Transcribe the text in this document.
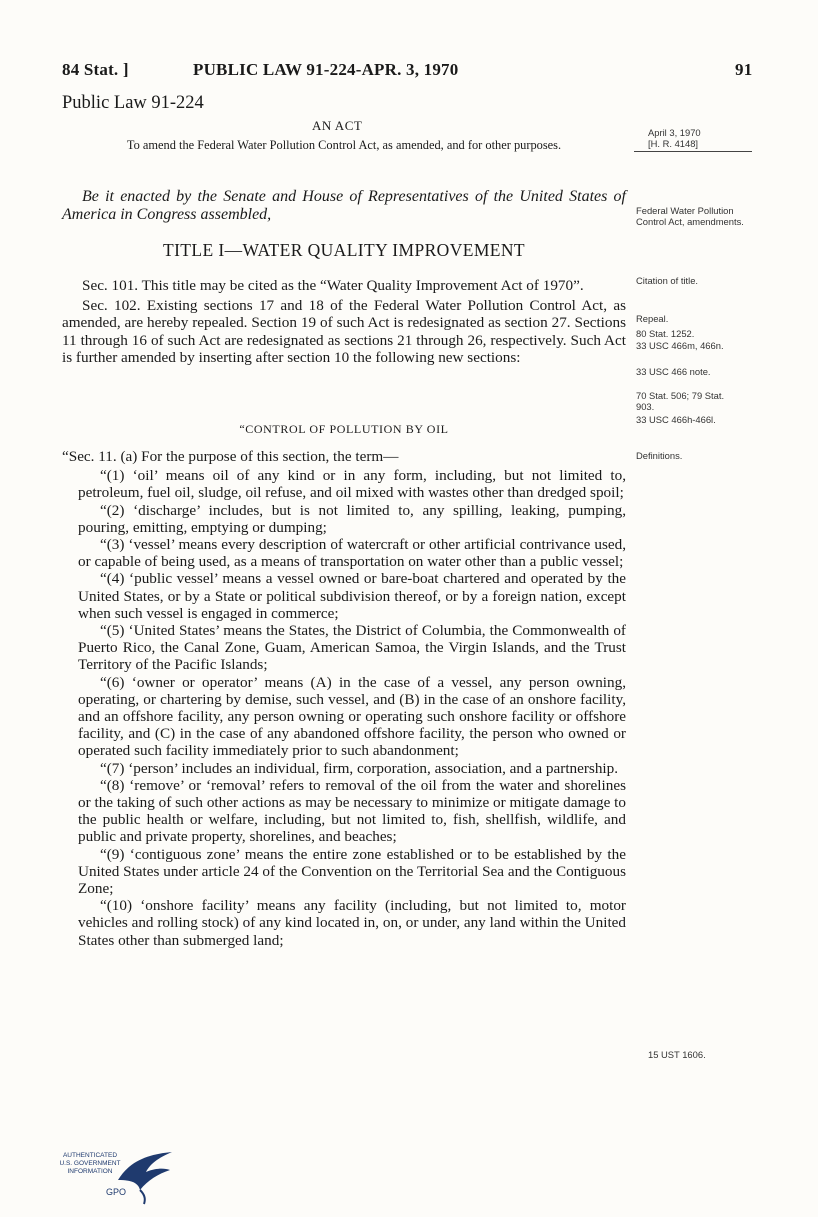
84 Stat. ]	PUBLIC LAW 91-224-APR. 3, 1970	91
Public Law 91-224
AN ACT
To amend the Federal Water Pollution Control Act, as amended, and for other purposes.
April 3, 1970
[H. R. 4148]
Federal Water Pollution Control Act, amendments.
Citation of title.
Repeal.
80 Stat. 1252.
33 USC 466m, 466n.
33 USC 466 note.
70 Stat. 506; 79 Stat. 903.
33 USC 466h-466l.
Definitions.
15 UST 1606.
Be it enacted by the Senate and House of Representatives of the United States of America in Congress assembled,
TITLE I—WATER QUALITY IMPROVEMENT

Sec. 101. This title may be cited as the “Water Quality Improvement Act of 1970”.

Sec. 102. Existing sections 17 and 18 of the Federal Water Pollution Control Act, as amended, are hereby repealed. Section 19 of such Act is redesignated as section 27. Sections 11 through 16 of such Act are redesignated as sections 21 through 26, respectively. Such Act is further amended by inserting after section 10 the following new sections:

“CONTROL OF POLLUTION BY OIL

“Sec. 11. (a) For the purpose of this section, the term—

“(1) ‘oil’ means oil of any kind or in any form, including, but not limited to, petroleum, fuel oil, sludge, oil refuse, and oil mixed with wastes other than dredged spoil;

“(2) ‘discharge’ includes, but is not limited to, any spilling, leaking, pumping, pouring, emitting, emptying or dumping;

“(3) ‘vessel’ means every description of watercraft or other artificial contrivance used, or capable of being used, as a means of transportation on water other than a public vessel;

“(4) ‘public vessel’ means a vessel owned or bare-boat chartered and operated by the United States, or by a State or political subdivision thereof, or by a foreign nation, except when such vessel is engaged in commerce;

“(5) ‘United States’ means the States, the District of Columbia, the Commonwealth of Puerto Rico, the Canal Zone, Guam, American Samoa, the Virgin Islands, and the Trust Territory of the Pacific Islands;

“(6) ‘owner or operator’ means (A) in the case of a vessel, any person owning, operating, or chartering by demise, such vessel, and (B) in the case of an onshore facility, and an offshore facility, any person owning or operating such onshore facility or offshore facility, and (C) in the case of any abandoned offshore facility, the person who owned or operated such facility immediately prior to such abandonment;

“(7) ‘person’ includes an individual, firm, corporation, association, and a partnership.

“(8) ‘remove’ or ‘removal’ refers to removal of the oil from the water and shorelines or the taking of such other actions as may be necessary to minimize or mitigate damage to the public health or welfare, including, but not limited to, fish, shellfish, wildlife, and public and private property, shorelines, and beaches;

“(9) ‘contiguous zone’ means the entire zone established or to be established by the United States under article 24 of the Convention on the Territorial Sea and the Contiguous Zone;

“(10) ‘onshore facility’ means any facility (including, but not limited to, motor vehicles and rolling stock) of any kind located in, on, or under, any land within the United States other than submerged land;

AUTHENTICATED
U.S. GOVERNMENT
INFORMATION
GPO
